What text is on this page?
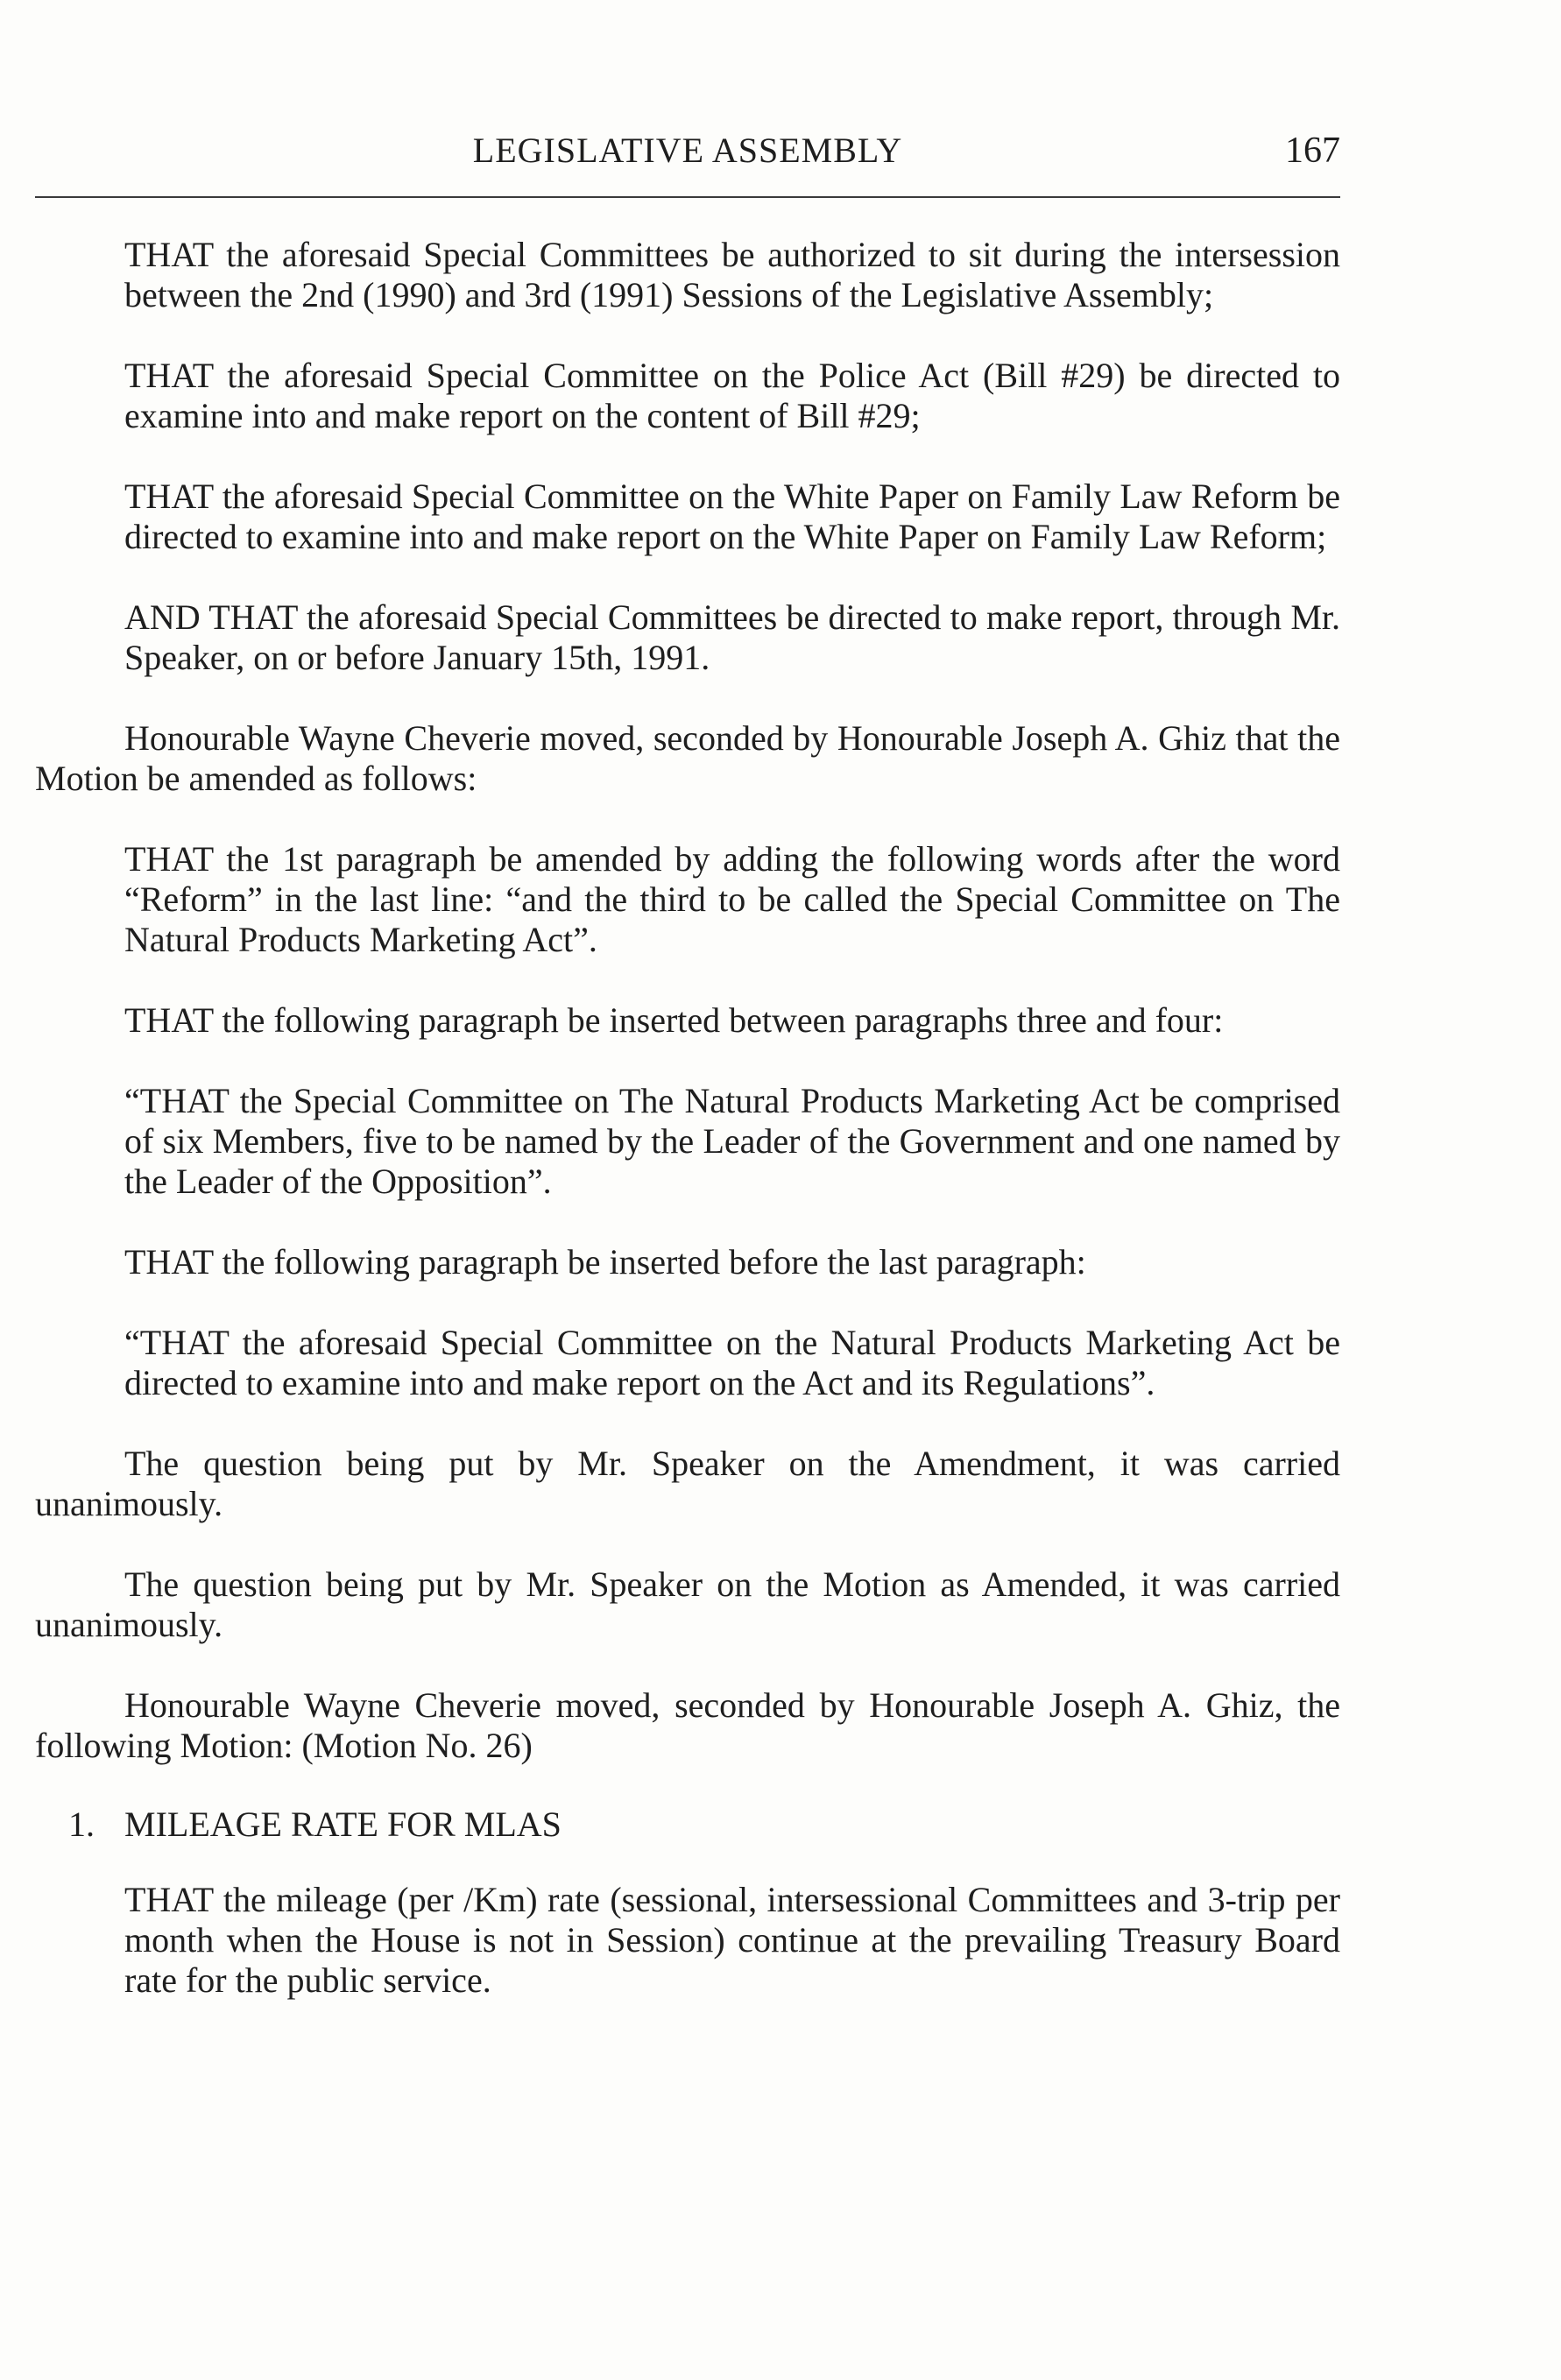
LEGISLATIVE ASSEMBLY	167

THAT the aforesaid Special Committees be authorized to sit during the intersession between the 2nd (1990) and 3rd (1991) Sessions of the Legislative Assembly;

THAT the aforesaid Special Committee on the Police Act (Bill #29) be directed to examine into and make report on the content of Bill #29;

THAT the aforesaid Special Committee on the White Paper on Family Law Reform be directed to examine into and make report on the White Paper on Family Law Reform;

AND THAT the aforesaid Special Committees be directed to make report, through Mr. Speaker, on or before January 15th, 1991.

Honourable Wayne Cheverie moved, seconded by Honourable Joseph A. Ghiz that the Motion be amended as follows:

THAT the 1st paragraph be amended by adding the following words after the word “Reform” in the last line: “and the third to be called the Special Committee on The Natural Products Marketing Act”.

THAT the following paragraph be inserted between paragraphs three and four:

“THAT the Special Committee on The Natural Products Marketing Act be comprised of six Members, five to be named by the Leader of the Government and one named by the Leader of the Opposition”.

THAT the following paragraph be inserted before the last paragraph:

“THAT the aforesaid Special Committee on the Natural Products Marketing Act be directed to examine into and make report on the Act and its Regulations”.

The question being put by Mr. Speaker on the Amendment, it was carried unanimously.

The question being put by Mr. Speaker on the Motion as Amended, it was carried unanimously.

Honourable Wayne Cheverie moved, seconded by Honourable Joseph A. Ghiz, the following Motion: (Motion No. 26)

1. MILEAGE RATE FOR MLAS

THAT the mileage (per /Km) rate (sessional, intersessional Committees and 3-trip per month when the House is not in Session) continue at the prevailing Treasury Board rate for the public service.
